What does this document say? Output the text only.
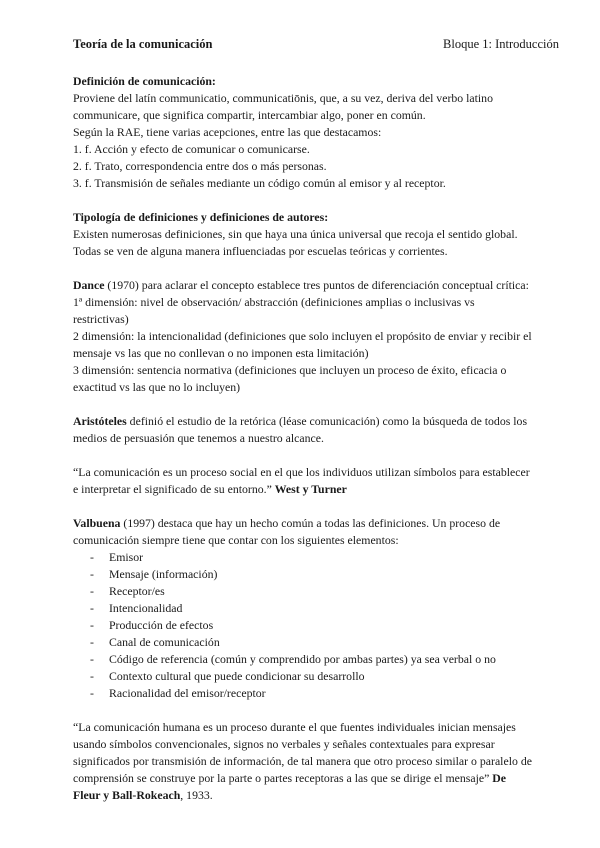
Teoría de la comunicación	Bloque 1: Introducción

Definición de comunicación:

Proviene del latín communicatio, communicatiōnis, que, a su vez, deriva del verbo latino communicare, que significa compartir, intercambiar algo, poner en común.

Según la RAE, tiene varias acepciones, entre las que destacamos:

1. f. Acción y efecto de comunicar o comunicarse.

2. f. Trato, correspondencia entre dos o más personas.

3. f. Transmisión de señales mediante un código común al emisor y al receptor.

Tipología de definiciones y definiciones de autores:

Existen numerosas definiciones, sin que haya una única universal que recoja el sentido global. Todas se ven de alguna manera influenciadas por escuelas teóricas y corrientes.

Dance (1970) para aclarar el concepto establece tres puntos de diferenciación conceptual crítica:

1ª dimensión: nivel de observación/ abstracción (definiciones amplias o inclusivas vs restrictivas)

2 dimensión: la intencionalidad (definiciones que solo incluyen el propósito de enviar y recibir el mensaje vs las que no conllevan o no imponen esta limitación)

3 dimensión: sentencia normativa (definiciones que incluyen un proceso de éxito, eficacia o exactitud vs las que no lo incluyen)

Aristóteles definió el estudio de la retórica (léase comunicación) como la búsqueda de todos los medios de persuasión que tenemos a nuestro alcance.

“La comunicación es un proceso social en el que los individuos utilizan símbolos para establecer e interpretar el significado de su entorno.” West y Turner

Valbuena (1997) destaca que hay un hecho común a todas las definiciones. Un proceso de comunicación siempre tiene que contar con los siguientes elementos:

-	Emisor
-	Mensaje (información)
-	Receptor/es
-	Intencionalidad
-	Producción de efectos
-	Canal de comunicación
-	Código de referencia (común y comprendido por ambas partes) ya sea verbal o no
-	Contexto cultural que puede condicionar su desarrollo
-	Racionalidad del emisor/receptor

“La comunicación humana es un proceso durante el que fuentes individuales inician mensajes usando símbolos convencionales, signos no verbales y señales contextuales para expresar significados por transmisión de información, de tal manera que otro proceso similar o paralelo de comprensión se construye por la parte o partes receptoras a las que se dirige el mensaje” De Fleur y Ball-Rokeach, 1933.
